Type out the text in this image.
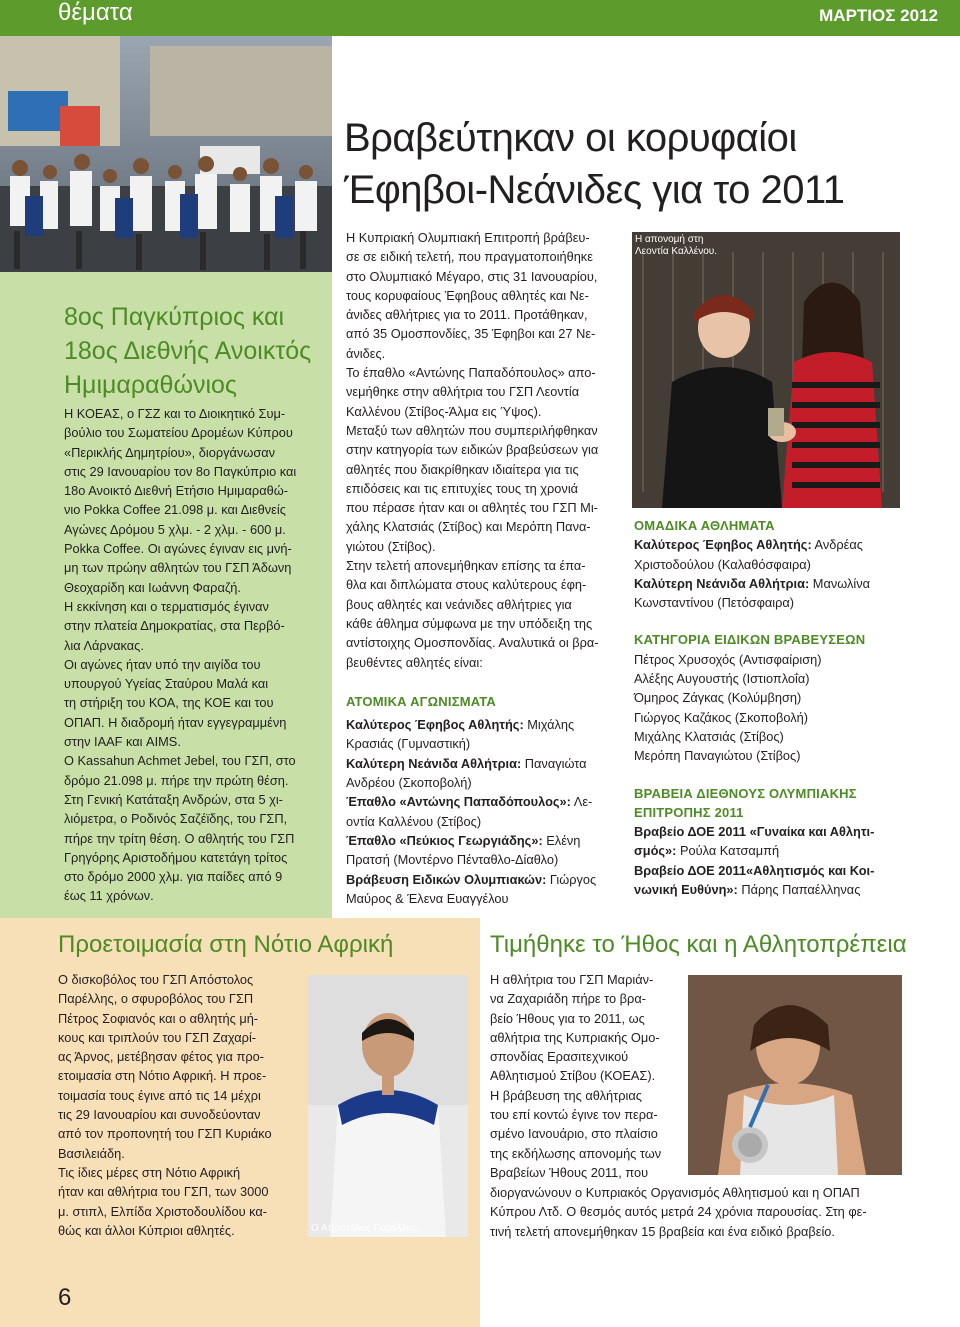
θέματα	ΜΑΡΤΙΟΣ 2012
8ος Παγκύπριος και
18ος Διεθνής Ανοικτός
Ημιμαραθώνιος
Η ΚΟΕΑΣ, ο ΓΣΖ και το Διοικητικό Συμ-
βούλιο του Σωματείου Δρομέων Κύπρου
«Περικλής Δημητρίου», διοργάνωσαν
στις 29 Ιανουαρίου τον 8ο Παγκύπριο και
18ο Ανοικτό Διεθνή Ετήσιο Ημιμαραθώ-
νιο Pokka Coffee 21.098 μ. και Διεθνείς
Αγώνες Δρόμου 5 χλμ. - 2 χλμ. - 600 μ.
Pokka Coffee. Οι αγώνες έγιναν εις μνή-
μη των πρώην αθλητών του ΓΣΠ Άδωνη
Θεοχαρίδη και Ιωάννη Φαραζή.
Η εκκίνηση και ο τερματισμός έγιναν
στην πλατεία Δημοκρατίας, στα Περβό-
λια Λάρνακας.
Οι αγώνες ήταν υπό την αιγίδα του
υπουργού Υγείας Σταύρου Μαλά και
τη στήριξη του ΚΟΑ, της ΚΟΕ και του
ΟΠΑΠ. Η διαδρομή ήταν εγγεγραμμένη
στην IAAF και AIMS.
Ο Kassahun Achmet Jebel, του ΓΣΠ, στο
δρόμο 21.098 μ. πήρε την πρώτη θέση.
Στη Γενική Κατάταξη Ανδρών, στα 5 χι-
λιόμετρα, ο Ροδινός Σαζέϊδης, του ΓΣΠ,
πήρε την τρίτη θέση. Ο αθλητής του ΓΣΠ
Γρηγόρης Αριστοδήμου κατετάγη τρίτος
στο δρόμο 2000 χλμ. για παίδες από 9
έως 11 χρόνων.
Βραβεύτηκαν οι κορυφαίοι
Έφηβοι-Νεάνιδες για το 2011
Η Κυπριακή Ολυμπιακή Επιτροπή βράβευ-
σε σε ειδική τελετή, που πραγματοποιήθηκε
στο Ολυμπιακό Μέγαρο, στις 31 Ιανουαρίου,
τους κορυφαίους Έφηβους αθλητές και Νε-
άνιδες αθλήτριες για το 2011. Προτάθηκαν,
από 35 Ομοσπονδίες, 35 Έφηβοι και 27 Νε-
άνιδες.
Το έπαθλο «Αντώνης Παπαδόπουλος» απο-
νεμήθηκε στην αθλήτρια του ΓΣΠ Λεοντία
Καλλένου (Στίβος-Άλμα εις Ύψος).
Μεταξύ των αθλητών που συμπεριλήφθηκαν
στην κατηγορία των ειδικών βραβεύσεων για
αθλητές που διακρίθηκαν ιδιαίτερα για τις
επιδόσεις και τις επιτυχίες τους τη χρονιά
που πέρασε ήταν και οι αθλητές του ΓΣΠ Μι-
χάλης Κλατσιάς (Στίβος) και Μερόπη Πανα-
γιώτου (Στίβος).
Στην τελετή απονεμήθηκαν επίσης τα έπα-
θλα και διπλώματα στους καλύτερους έφη-
βους αθλητές και νεάνιδες αθλήτριες για
κάθε άθλημα σύμφωνα με την υπόδειξη της
αντίστοιχης Ομοσπονδίας. Αναλυτικά οι βρα-
βευθέντες αθλητές είναι:
ΑΤΟΜΙΚΑ ΑΓΩΝΙΣΜΑΤΑ
Καλύτερος Έφηβος Αθλητής: Μιχάλης
Κρασιάς (Γυμναστική)
Καλύτερη Νεάνιδα Αθλήτρια: Παναγιώτα
Ανδρέου (Σκοποβολή)
Έπαθλο «Αντώνης Παπαδόπουλος»: Λε-
οντία Καλλένου (Στίβος)
Έπαθλο «Πεύκιος Γεωργιάδης»: Ελένη
Πρατσή (Μοντέρνο Πένταθλο-Δίαθλο)
Βράβευση Ειδικών Ολυμπιακών: Γιώργος
Μαύρος & Έλενα Ευαγγέλου
Η απονομή στη
Λεοντία Καλλένου.
ΟΜΑΔΙΚΑ ΑΘΛΗΜΑΤΑ
Καλύτερος Έφηβος Αθλητής: Ανδρέας
Χριστοδούλου (Καλαθόσφαιρα)
Καλύτερη Νεάνιδα Αθλήτρια: Μανωλίνα
Κωνσταντίνου (Πετόσφαιρα)
ΚΑΤΗΓΟΡΙΑ ΕΙΔΙΚΩΝ ΒΡΑΒΕΥΣΕΩΝ
Πέτρος Χρυσοχός (Αντισφαίριση)
Αλέξης Αυγουστής (Ιστιοπλοΐα)
Όμηρος Ζάγκας (Κολύμβηση)
Γιώργος Καζάκος (Σκοποβολή)
Μιχάλης Κλατσιάς (Στίβος)
Μερόπη Παναγιώτου (Στίβος)
ΒΡΑΒΕΙΑ ΔΙΕΘΝΟΥΣ ΟΛΥΜΠΙΑΚΗΣ
ΕΠΙΤΡΟΠΗΣ 2011
Βραβείο ΔΟΕ 2011 «Γυναίκα και Αθλητι-
σμός»: Ρούλα Κατσαμπή
Βραβείο ΔΟΕ 2011«Αθλητισμός και Κοι-
νωνική Ευθύνη»: Πάρης Παπαέλληνας
Προετοιμασία στη Νότιο Αφρική
Ο δισκοβόλος του ΓΣΠ Απόστολος
Παρέλλης, ο σφυροβόλος του ΓΣΠ
Πέτρος Σοφιανός και ο αθλητής μή-
κους και τριπλούν του ΓΣΠ Ζαχαρί-
ας Άρνος, μετέβησαν φέτος για προ-
ετοιμασία στη Νότιο Αφρική. Η προε-
τοιμασία τους έγινε από τις 14 μέχρι
τις 29 Ιανουαρίου και συνοδεύονταν
από τον προπονητή του ΓΣΠ Κυριάκο
Βασιλειάδη.
Τις ίδιες μέρες στη Νότιο Αφρική
ήταν και αθλήτρια του ΓΣΠ, των 3000
μ. στιπλ, Ελπίδα Χριστοδουλίδου κα-
θώς και άλλοι Κύπριοι αθλητές.	Ο Απόστολος Παρέλλης.
Τιμήθηκε το Ήθος και η Αθλητοπρέπεια
Η αθλήτρια του ΓΣΠ Μαριάν-
να Ζαχαριάδη πήρε το βρα-
βείο Ήθους για το 2011, ως
αθλήτρια της Κυπριακής Ομο-
σπονδίας Ερασιτεχνικού
Αθλητισμού Στίβου (ΚΟΕΑΣ).
Η βράβευση της αθλήτριας
του επί κοντώ έγινε τον περα-
σμένο Ιανουάριο, στο πλαίσιο
της εκδήλωσης απονομής των
Βραβείων Ήθους 2011, που
διοργανώνουν ο Κυπριακός Οργανισμός Αθλητισμού και η ΟΠΑΠ
Κύπρου Λτδ. Ο θεσμός αυτός μετρά 24 χρόνια παρουσίας. Στη φε-
τινή τελετή απονεμήθηκαν 15 βραβεία και ένα ειδικό βραβείο.
6
